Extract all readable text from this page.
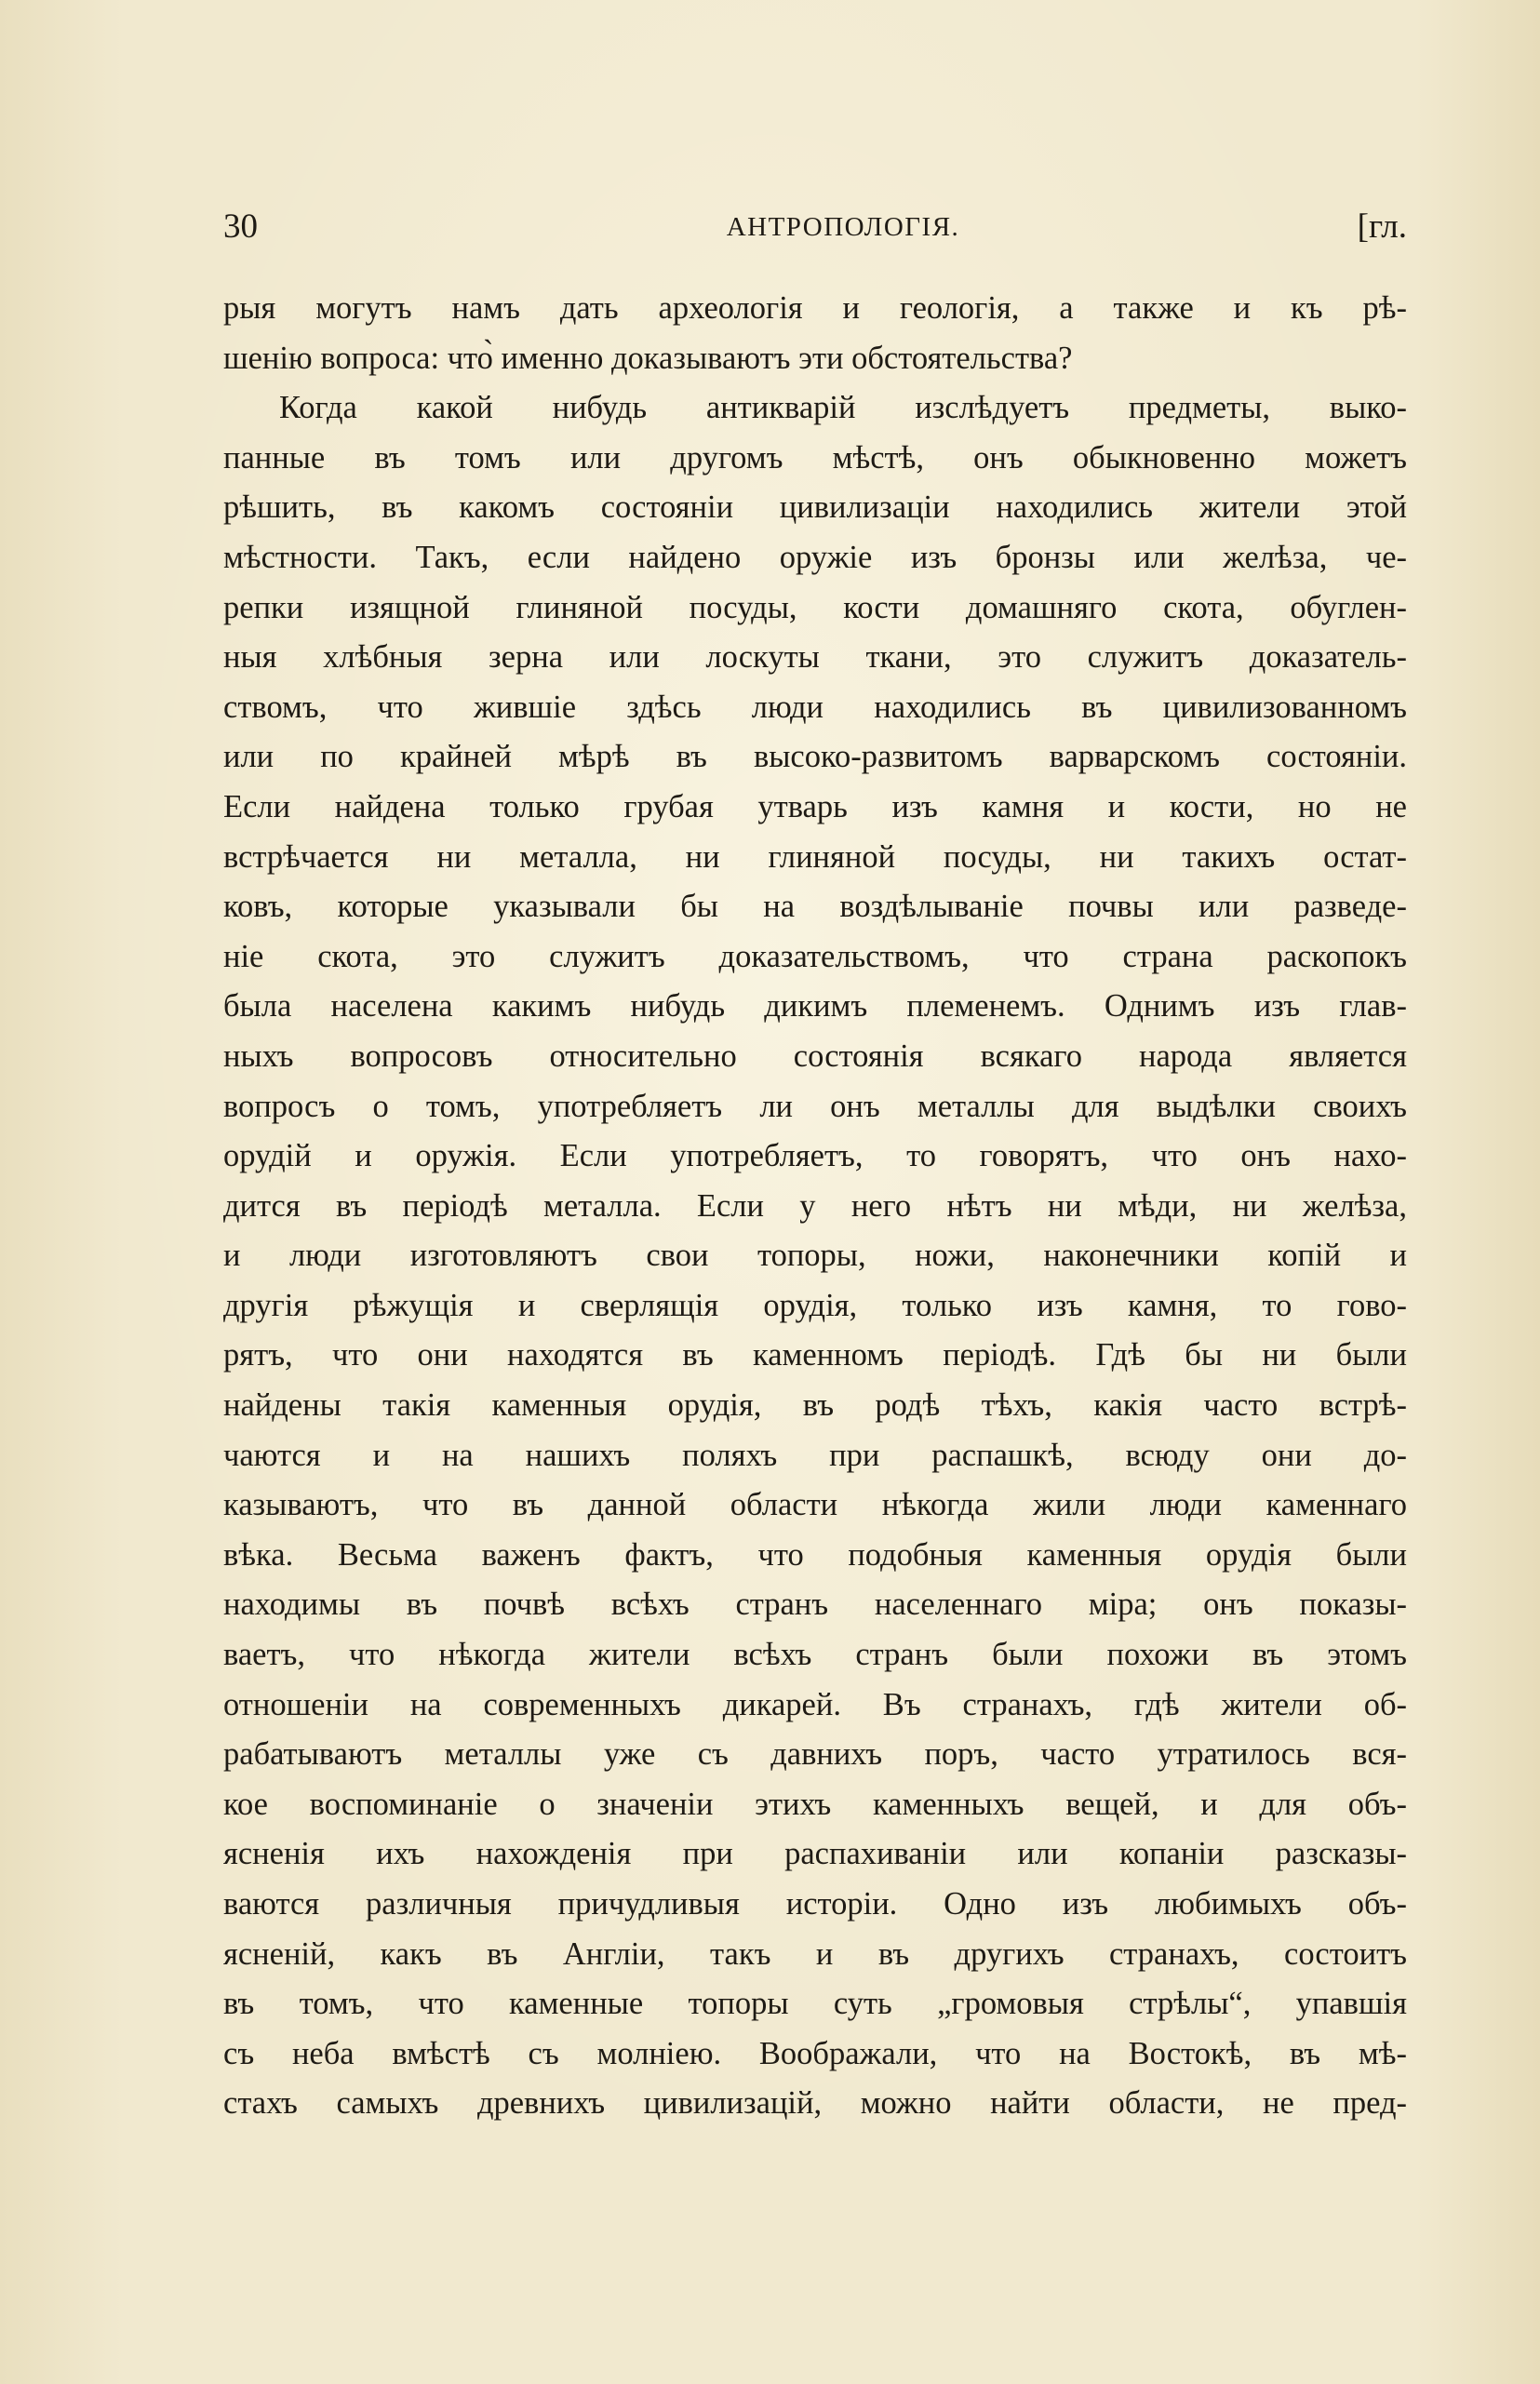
30	АНТРОПОЛОГІЯ.	[гл.
рыя могутъ намъ дать археологія и геологія, а также и къ рѣ-
шенію вопроса: что̀ именно доказываютъ эти обстоятельства?
Когда какой нибудь антикварій изслѣдуетъ предметы, выко-
панные въ томъ или другомъ мѣстѣ, онъ обыкновенно можетъ
рѣшить, въ какомъ состояніи цивилизаціи находились жители этой
мѣстности. Такъ, если найдено оружіе изъ бронзы или желѣза, че-
репки изящной глиняной посуды, кости домашняго скота, обуглен-
ныя хлѣбныя зерна или лоскуты ткани, это служитъ доказатель-
ствомъ, что жившіе здѣсь люди находились въ цивилизованномъ
или по крайней мѣрѣ въ высоко-развитомъ варварскомъ состояніи.
Если найдена только грубая утварь изъ камня и кости, но не
встрѣчается ни металла, ни глиняной посуды, ни такихъ остат-
ковъ, которые указывали бы на воздѣлываніе почвы или разведе-
ніе скота, это служитъ доказательствомъ, что страна раскопокъ
была населена какимъ нибудь дикимъ племенемъ. Однимъ изъ глав-
ныхъ вопросовъ относительно состоянія всякаго народа является
вопросъ о томъ, употребляетъ ли онъ металлы для выдѣлки своихъ
орудій и оружія. Если употребляетъ, то говорятъ, что онъ нахо-
дится въ періодѣ металла. Если у него нѣтъ ни мѣди, ни желѣза,
и люди изготовляютъ свои топоры, ножи, наконечники копій и
другія рѣжущія и сверлящія орудія, только изъ камня, то гово-
рятъ, что они находятся въ каменномъ періодѣ. Гдѣ бы ни были
найдены такія каменныя орудія, въ родѣ тѣхъ, какія часто встрѣ-
чаются и на нашихъ поляхъ при распашкѣ, всюду они до-
казываютъ, что въ данной области нѣкогда жили люди каменнаго
вѣка. Весьма важенъ фактъ, что подобныя каменныя орудія были
находимы въ почвѣ всѣхъ странъ населеннаго міра; онъ показы-
ваетъ, что нѣкогда жители всѣхъ странъ были похожи въ этомъ
отношеніи на современныхъ дикарей. Въ странахъ, гдѣ жители об-
рабатываютъ металлы уже съ давнихъ поръ, часто утратилось вся-
кое воспоминаніе о значеніи этихъ каменныхъ вещей, и для объ-
ясненія ихъ нахожденія при распахиваніи или копаніи разсказы-
ваются различныя причудливыя исторіи. Одно изъ любимыхъ объ-
ясненій, какъ въ Англіи, такъ и въ другихъ странахъ, состоитъ
въ томъ, что каменные топоры суть „громовыя стрѣлы“, упавшія
съ неба вмѣстѣ съ молніею. Воображали, что на Востокѣ, въ мѣ-
стахъ самыхъ древнихъ цивилизацій, можно найти области, не пред-
